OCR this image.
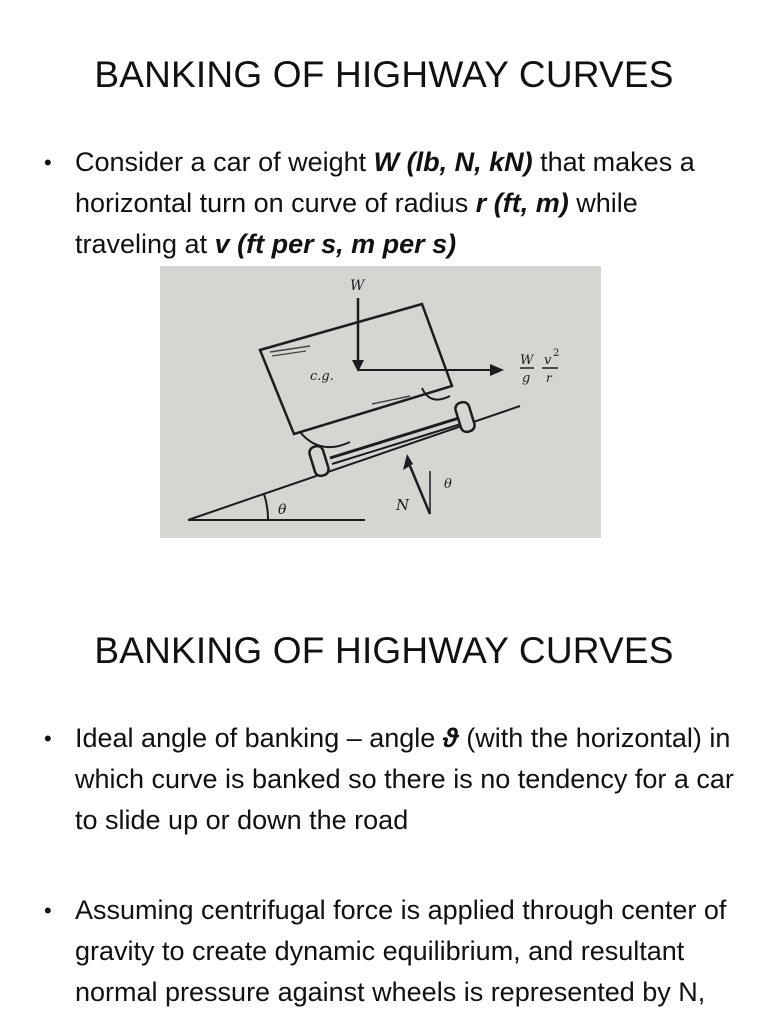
BANKING OF HIGHWAY CURVES
• Consider a car of weight W (lb, N, kN) that makes a horizontal turn on curve of radius r (ft, m) while traveling at v (ft per s, m per s)
θ
W
c.g.
W
g
v 2
r
N
θ
BANKING OF HIGHWAY CURVES
• Ideal angle of banking – angle ϑ (with the horizontal) in which curve is banked so there is no tendency for a car to slide up or down the road
• Assuming centrifugal force is applied through center of gravity to create dynamic equilibrium, and resultant normal pressure against wheels is represented by N,
